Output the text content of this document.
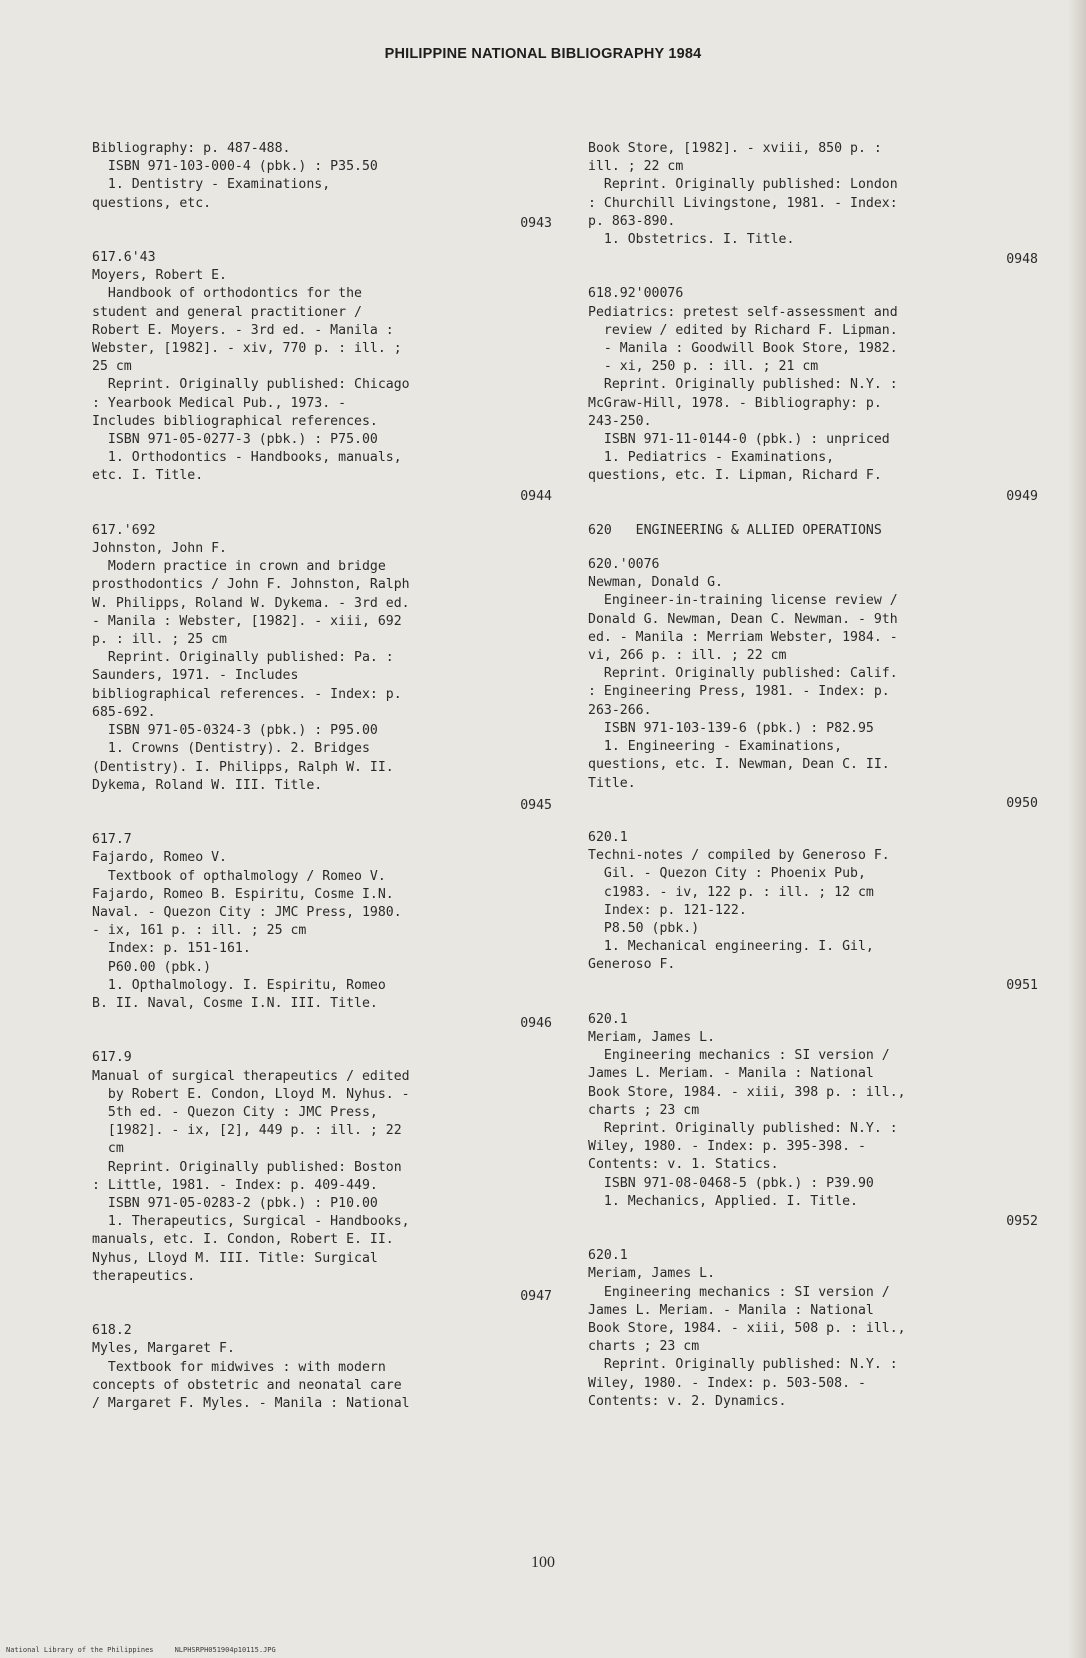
PHILIPPINE NATIONAL BIBLIOGRAPHY 1984
Bibliography: p. 487-488.
ISBN 971-103-000-4 (pbk.) : P35.50
1. Dentistry - Examinations,
questions, etc.
0943
617.6'43
Moyers, Robert E.
Handbook of orthodontics for the
student and general practitioner /
Robert E. Moyers. - 3rd ed. - Manila :
Webster, [1982]. - xiv, 770 p. : ill. ;
25 cm
Reprint. Originally published: Chicago
: Yearbook Medical Pub., 1973. -
Includes bibliographical references.
ISBN 971-05-0277-3 (pbk.) : P75.00
1. Orthodontics - Handbooks, manuals,
etc. I. Title.
0944
617.'692
Johnston, John F.
Modern practice in crown and bridge
prosthodontics / John F. Johnston, Ralph
W. Philipps, Roland W. Dykema. - 3rd ed.
- Manila : Webster, [1982]. - xiii, 692
p. : ill. ; 25 cm
Reprint. Originally published: Pa. :
Saunders, 1971. - Includes
bibliographical references. - Index: p.
685-692.
ISBN 971-05-0324-3 (pbk.) : P95.00
1. Crowns (Dentistry). 2. Bridges
(Dentistry). I. Philipps, Ralph W. II.
Dykema, Roland W. III. Title.
0945
617.7
Fajardo, Romeo V.
Textbook of opthalmology / Romeo V.
Fajardo, Romeo B. Espiritu, Cosme I.N.
Naval. - Quezon City : JMC Press, 1980.
- ix, 161 p. : ill. ; 25 cm
Index: p. 151-161.
P60.00 (pbk.)
1. Opthalmology. I. Espiritu, Romeo
B. II. Naval, Cosme I.N. III. Title.
0946
617.9
Manual of surgical therapeutics / edited
by Robert E. Condon, Lloyd M. Nyhus. -
5th ed. - Quezon City : JMC Press,
[1982]. - ix, [2], 449 p. : ill. ; 22
cm
Reprint. Originally published: Boston
: Little, 1981. - Index: p. 409-449.
ISBN 971-05-0283-2 (pbk.) : P10.00
1. Therapeutics, Surgical - Handbooks,
manuals, etc. I. Condon, Robert E. II.
Nyhus, Lloyd M. III. Title: Surgical
therapeutics.
0947
618.2
Myles, Margaret F.
Textbook for midwives : with modern
concepts of obstetric and neonatal care
/ Margaret F. Myles. - Manila : National
Book Store, [1982]. - xviii, 850 p. :
ill. ; 22 cm
Reprint. Originally published: London
: Churchill Livingstone, 1981. - Index:
p. 863-890.
1. Obstetrics. I. Title.
0948
618.92'00076
Pediatrics: pretest self-assessment and
review / edited by Richard F. Lipman.
- Manila : Goodwill Book Store, 1982.
- xi, 250 p. : ill. ; 21 cm
Reprint. Originally published: N.Y. :
McGraw-Hill, 1978. - Bibliography: p.
243-250.
ISBN 971-11-0144-0 (pbk.) : unpriced
1. Pediatrics - Examinations,
questions, etc. I. Lipman, Richard F.
0949
620   ENGINEERING & ALLIED OPERATIONS
620.'0076
Newman, Donald G.
Engineer-in-training license review /
Donald G. Newman, Dean C. Newman. - 9th
ed. - Manila : Merriam Webster, 1984. -
vi, 266 p. : ill. ; 22 cm
Reprint. Originally published: Calif.
: Engineering Press, 1981. - Index: p.
263-266.
ISBN 971-103-139-6 (pbk.) : P82.95
1. Engineering - Examinations,
questions, etc. I. Newman, Dean C. II.
Title.
0950
620.1
Techni-notes / compiled by Generoso F.
Gil. - Quezon City : Phoenix Pub,
c1983. - iv, 122 p. : ill. ; 12 cm
Index: p. 121-122.
P8.50 (pbk.)
1. Mechanical engineering. I. Gil,
Generoso F.
0951
620.1
Meriam, James L.
Engineering mechanics : SI version /
James L. Meriam. - Manila : National
Book Store, 1984. - xiii, 398 p. : ill.,
charts ; 23 cm
Reprint. Originally published: N.Y. :
Wiley, 1980. - Index: p. 395-398. -
Contents: v. 1. Statics.
ISBN 971-08-0468-5 (pbk.) : P39.90
1. Mechanics, Applied. I. Title.
0952
620.1
Meriam, James L.
Engineering mechanics : SI version /
James L. Meriam. - Manila : National
Book Store, 1984. - xiii, 508 p. : ill.,
charts ; 23 cm
Reprint. Originally published: N.Y. :
Wiley, 1980. - Index: p. 503-508. -
Contents: v. 2. Dynamics.
100
National Library of the Philippines     NLPHSRPH051904p10115.JPG
